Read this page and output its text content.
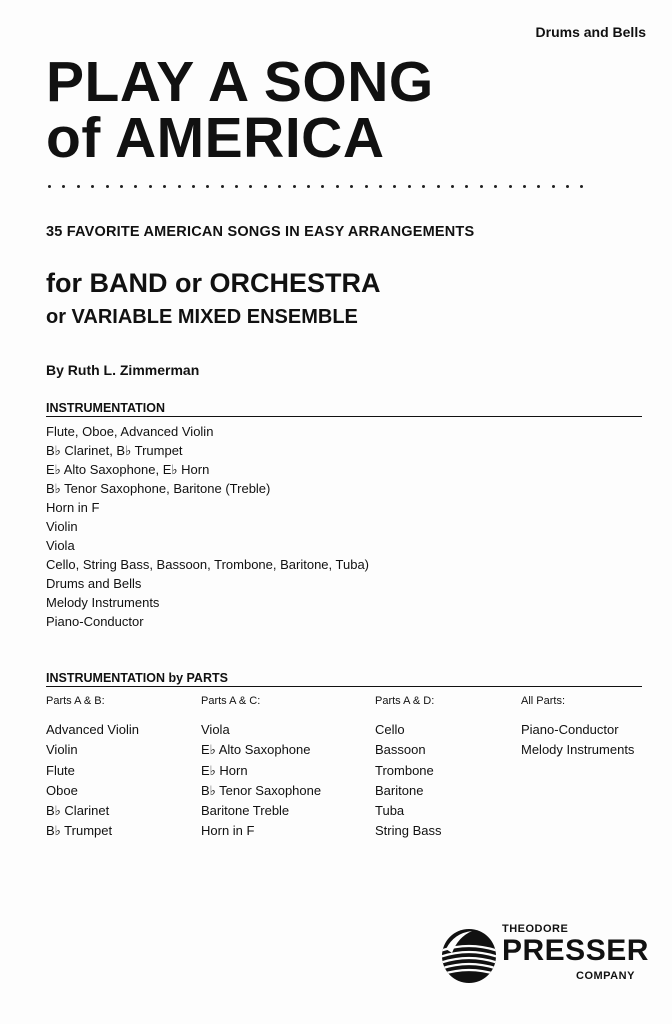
Drums and Bells
PLAY A SONG
of AMERICA
35 FAVORITE AMERICAN SONGS IN EASY ARRANGEMENTS
for BAND or ORCHESTRA
or VARIABLE MIXED ENSEMBLE
By Ruth L. Zimmerman
INSTRUMENTATION
Flute, Oboe, Advanced Violin
B♭ Clarinet, B♭ Trumpet
E♭ Alto Saxophone, E♭ Horn
B♭ Tenor Saxophone, Baritone (Treble)
Horn in F
Violin
Viola
Cello, String Bass, Bassoon, Trombone, Baritone, Tuba)
Drums and Bells
Melody Instruments
Piano-Conductor
INSTRUMENTATION by PARTS
Parts A & B:
Advanced Violin
Violin
Flute
Oboe
B♭ Clarinet
B♭ Trumpet
Parts A & C:
Viola
E♭ Alto Saxophone
E♭ Horn
B♭ Tenor Saxophone
Baritone Treble
Horn in F
Parts A & D:
Cello
Bassoon
Trombone
Baritone
Tuba
String Bass
All Parts:
Piano-Conductor
Melody Instruments
THEODORE
PRESSER
COMPANY
